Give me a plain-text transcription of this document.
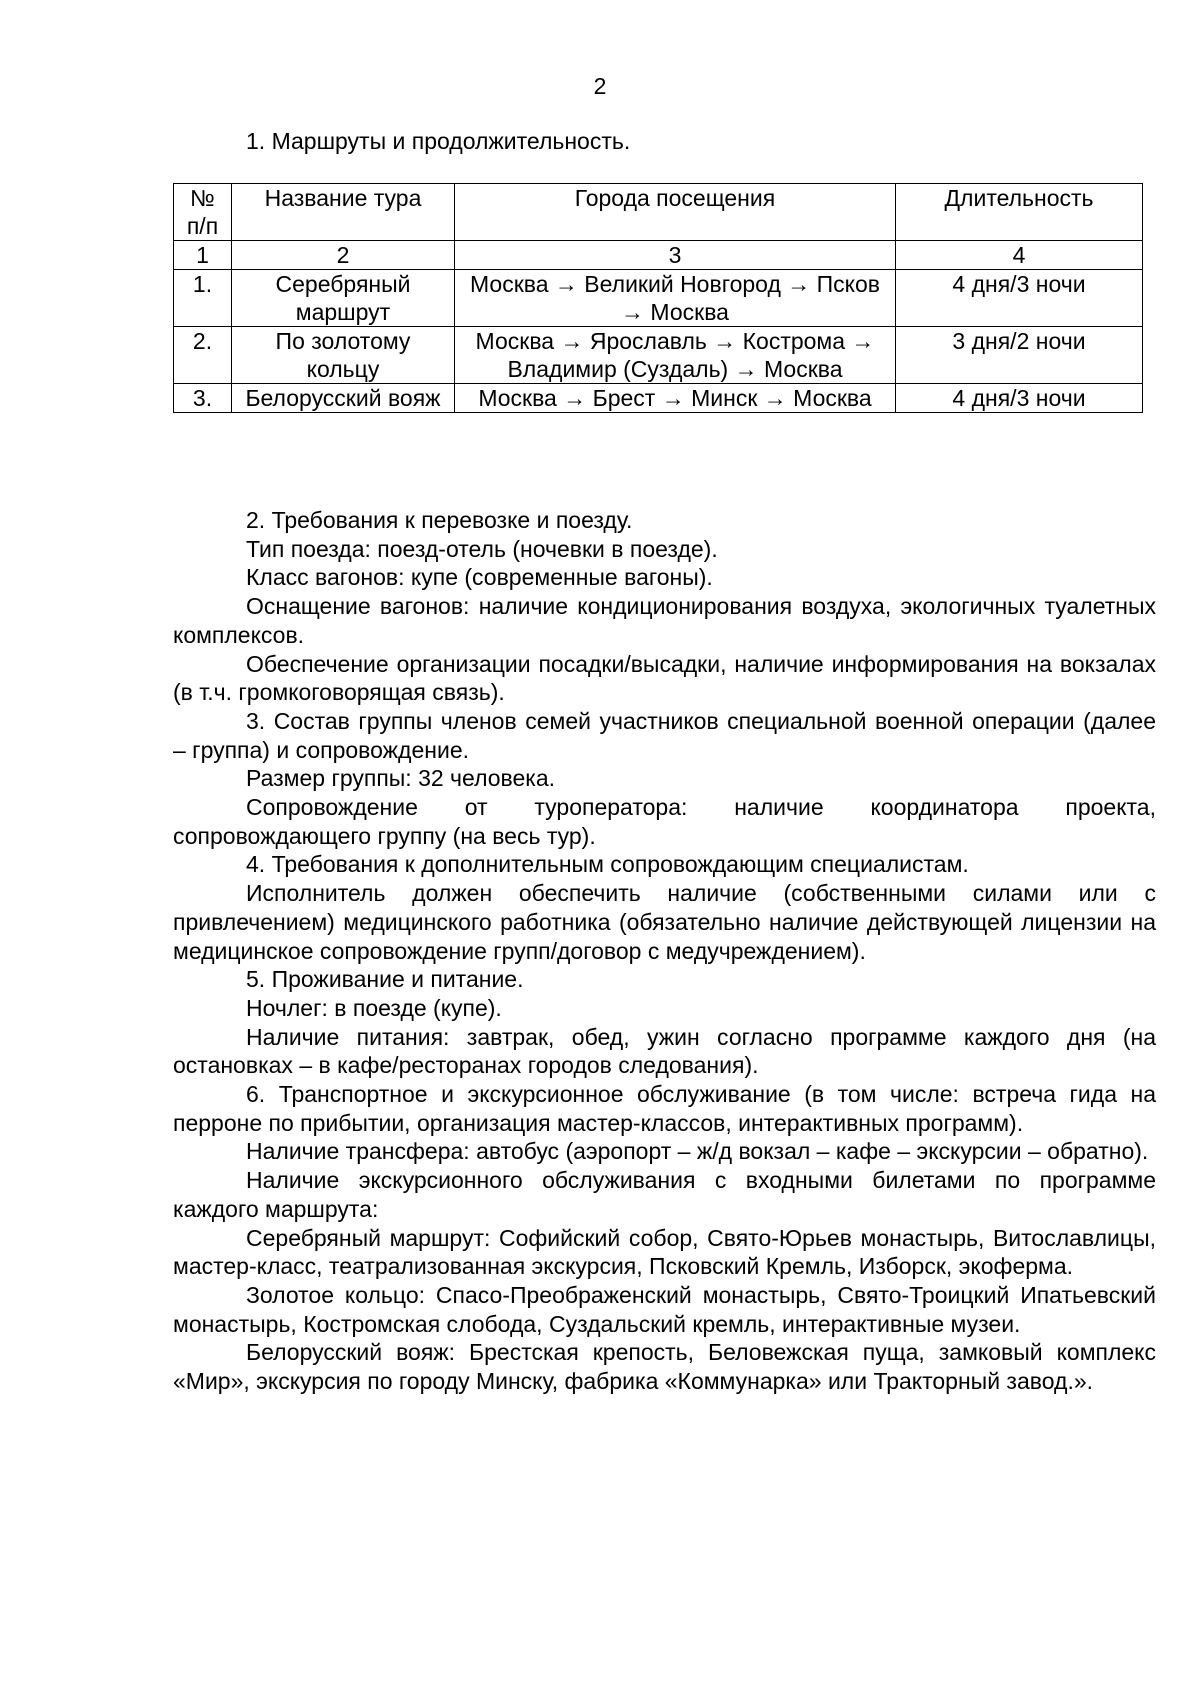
2
1. Маршруты и продолжительность.
№ п/п	Название тура	Города посещения	Длительность
1	2	3	4
1.	Серебряный маршрут	Москва → Великий Новгород → Псков → Москва	4 дня/3 ночи
2.	По золотому кольцу	Москва → Ярославль → Кострома → Владимир (Суздаль) → Москва	3 дня/2 ночи
3.	Белорусский вояж	Москва → Брест → Минск → Москва	4 дня/3 ночи

2. Требования к перевозке и поезду.

Тип поезда: поезд-отель (ночевки в поезде).

Класс вагонов: купе (современные вагоны).

Оснащение вагонов: наличие кондиционирования воздуха, экологичных туалетных комплексов.

Обеспечение организации посадки/высадки, наличие информирования на вокзалах (в т.ч. громкоговорящая связь).

3. Состав группы членов семей участников специальной военной операции (далее – группа) и сопровождение.

Размер группы: 32 человека.

Сопровождение от туроператора: наличие координатора проекта, сопровождающего группу (на весь тур).

4. Требования к дополнительным сопровождающим специалистам.

Исполнитель должен обеспечить наличие (собственными силами или с привлечением) медицинского работника (обязательно наличие действующей лицензии на медицинское сопровождение групп/договор с медучреждением).

5. Проживание и питание.

Ночлег: в поезде (купе).

Наличие питания: завтрак, обед, ужин согласно программе каждого дня (на остановках – в кафе/ресторанах городов следования).

6. Транспортное и экскурсионное обслуживание (в том числе: встреча гида на перроне по прибытии, организация мастер-классов, интерактивных программ).

Наличие трансфера: автобус (аэропорт – ж/д вокзал – кафе – экскурсии – обратно).

Наличие экскурсионного обслуживания с входными билетами по программе каждого маршрута:

Серебряный маршрут: Софийский собор, Свято-Юрьев монастырь, Витославлицы, мастер-класс, театрализованная экскурсия, Псковский Кремль, Изборск, экоферма.

Золотое кольцо: Спасо-Преображенский монастырь, Свято-Троицкий Ипатьевский монастырь, Костромская слобода, Суздальский кремль, интерактивные музеи.

Белорусский вояж: Брестская крепость, Беловежская пуща, замковый комплекс «Мир», экскурсия по городу Минску, фабрика «Коммунарка» или Тракторный завод.».
